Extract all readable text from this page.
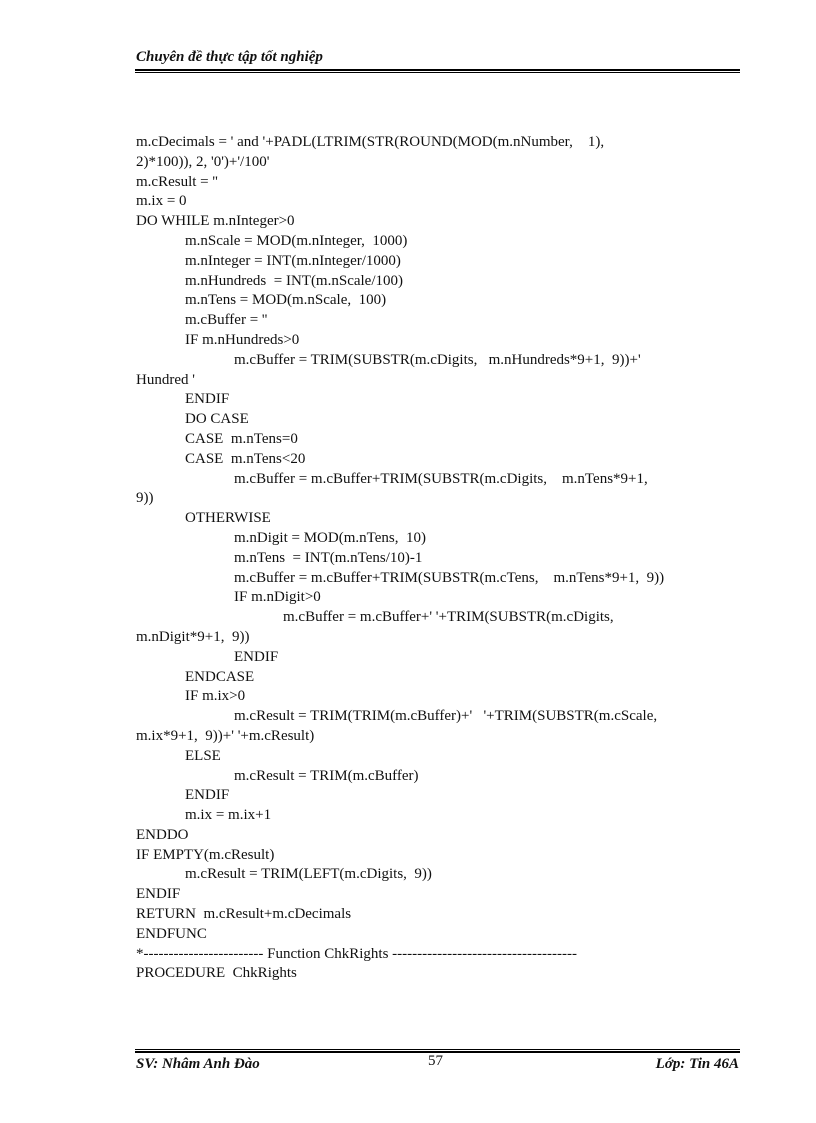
Chuyên đề thực tập tốt nghiệp
m.cDecimals = ' and '+PADL(LTRIM(STR(ROUND(MOD(m.nNumber,    1),
2)*100)), 2, '0')+'/100'
m.cResult = ''
m.ix = 0
DO WHILE m.nInteger>0
m.nScale = MOD(m.nInteger,  1000)
m.nInteger = INT(m.nInteger/1000)
m.nHundreds  = INT(m.nScale/100)
m.nTens = MOD(m.nScale,  100)
m.cBuffer = ''
IF m.nHundreds>0
m.cBuffer = TRIM(SUBSTR(m.cDigits,   m.nHundreds*9+1,  9))+'
Hundred '
ENDIF
DO CASE
CASE  m.nTens=0
CASE  m.nTens<20
m.cBuffer = m.cBuffer+TRIM(SUBSTR(m.cDigits,    m.nTens*9+1,
9))
OTHERWISE
m.nDigit = MOD(m.nTens,  10)
m.nTens  = INT(m.nTens/10)-1
m.cBuffer = m.cBuffer+TRIM(SUBSTR(m.cTens,    m.nTens*9+1,  9))
IF m.nDigit>0
m.cBuffer = m.cBuffer+' '+TRIM(SUBSTR(m.cDigits,
m.nDigit*9+1,  9))
ENDIF
ENDCASE
IF m.ix>0
m.cResult = TRIM(TRIM(m.cBuffer)+'   '+TRIM(SUBSTR(m.cScale,
m.ix*9+1,  9))+' '+m.cResult)
ELSE
m.cResult = TRIM(m.cBuffer)
ENDIF
m.ix = m.ix+1
ENDDO
IF EMPTY(m.cResult)
m.cResult = TRIM(LEFT(m.cDigits,  9))
ENDIF
RETURN  m.cResult+m.cDecimals
ENDFUNC
*------------------------ Function ChkRights -------------------------------------
PROCEDURE  ChkRights
SV: Nhâm Anh Đào	57	Lớp: Tin 46A
